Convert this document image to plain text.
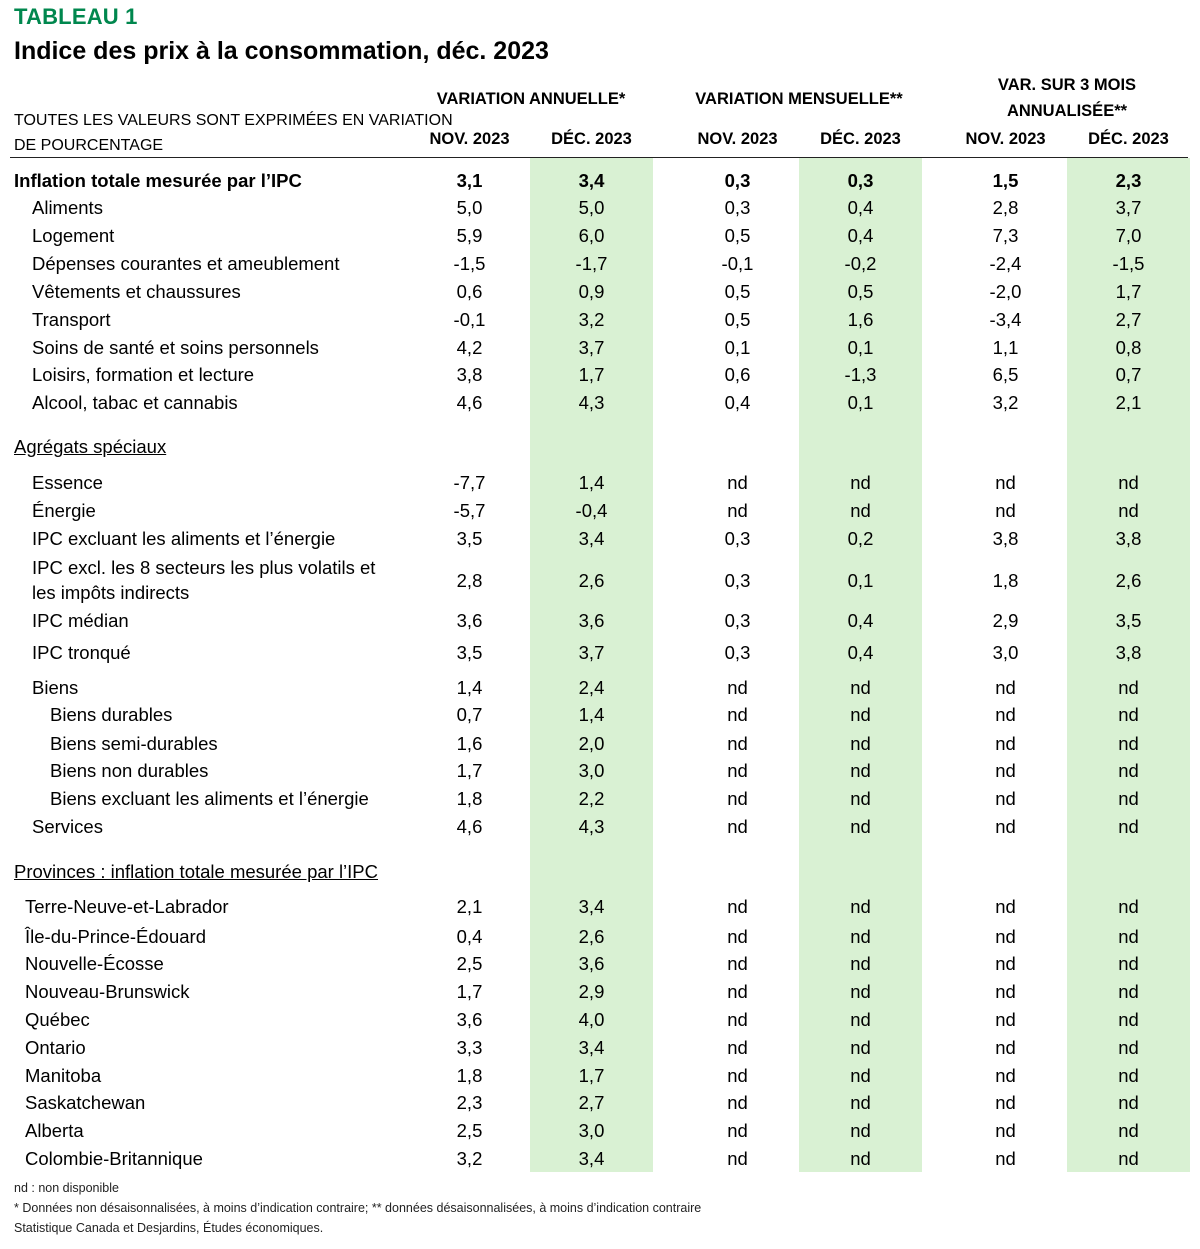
TABLEAU 1
Indice des prix à la consommation, déc. 2023
TOUTES LES VALEURS SONT EXPRIMÉES EN VARIATION
DE POURCENTAGE
VARIATION ANNUELLE*	VARIATION MENSUELLE**
VAR. SUR 3 MOIS
ANNUALISÉE**
NOV. 2023	DÉC. 2023	NOV. 2023	DÉC. 2023	NOV. 2023	DÉC. 2023
Inflation totale mesurée par l’IPC	3,1	3,4	0,3	0,3	1,5	2,3
Aliments	5,0	5,0	0,3	0,4	2,8	3,7
Logement	5,9	6,0	0,5	0,4	7,3	7,0
Dépenses courantes et ameublement	-1,5	-1,7	-0,1	-0,2	-2,4	-1,5
Vêtements et chaussures	0,6	0,9	0,5	0,5	-2,0	1,7
Transport	-0,1	3,2	0,5	1,6	-3,4	2,7
Soins de santé et soins personnels	4,2	3,7	0,1	0,1	1,1	0,8
Loisirs, formation et lecture	3,8	1,7	0,6	-1,3	6,5	0,7
Alcool, tabac et cannabis	4,6	4,3	0,4	0,1	3,2	2,1
Agrégats spéciaux
Essence	-7,7	1,4	nd	nd	nd	nd
Énergie	-5,7	-0,4	nd	nd	nd	nd
IPC excluant les aliments et l’énergie	3,5	3,4	0,3	0,2	3,8	3,8
IPC excl. les 8 secteurs les plus volatils et
les impôts indirects
2,8	2,6	0,3	0,1	1,8	2,6
IPC médian	3,6	3,6	0,3	0,4	2,9	3,5
IPC tronqué	3,5	3,7	0,3	0,4	3,0	3,8
Biens	1,4	2,4	nd	nd	nd	nd
Biens durables	0,7	1,4	nd	nd	nd	nd
Biens semi-durables	1,6	2,0	nd	nd	nd	nd
Biens non durables	1,7	3,0	nd	nd	nd	nd
Biens excluant les aliments et l’énergie	1,8	2,2	nd	nd	nd	nd
Services	4,6	4,3	nd	nd	nd	nd
Provinces : inflation totale mesurée par l’IPC
Terre-Neuve-et-Labrador	2,1	3,4	nd	nd	nd	nd
Île-du-Prince-Édouard	0,4	2,6	nd	nd	nd	nd
Nouvelle-Écosse	2,5	3,6	nd	nd	nd	nd
Nouveau-Brunswick	1,7	2,9	nd	nd	nd	nd
Québec	3,6	4,0	nd	nd	nd	nd
Ontario	3,3	3,4	nd	nd	nd	nd
Manitoba	1,8	1,7	nd	nd	nd	nd
Saskatchewan	2,3	2,7	nd	nd	nd	nd
Alberta	2,5	3,0	nd	nd	nd	nd
Colombie-Britannique	3,2	3,4	nd	nd	nd	nd
nd : non disponible
* Données non désaisonnalisées, à moins d’indication contraire; ** données désaisonnalisées, à moins d’indication contraire
Statistique Canada et Desjardins, Études économiques.
